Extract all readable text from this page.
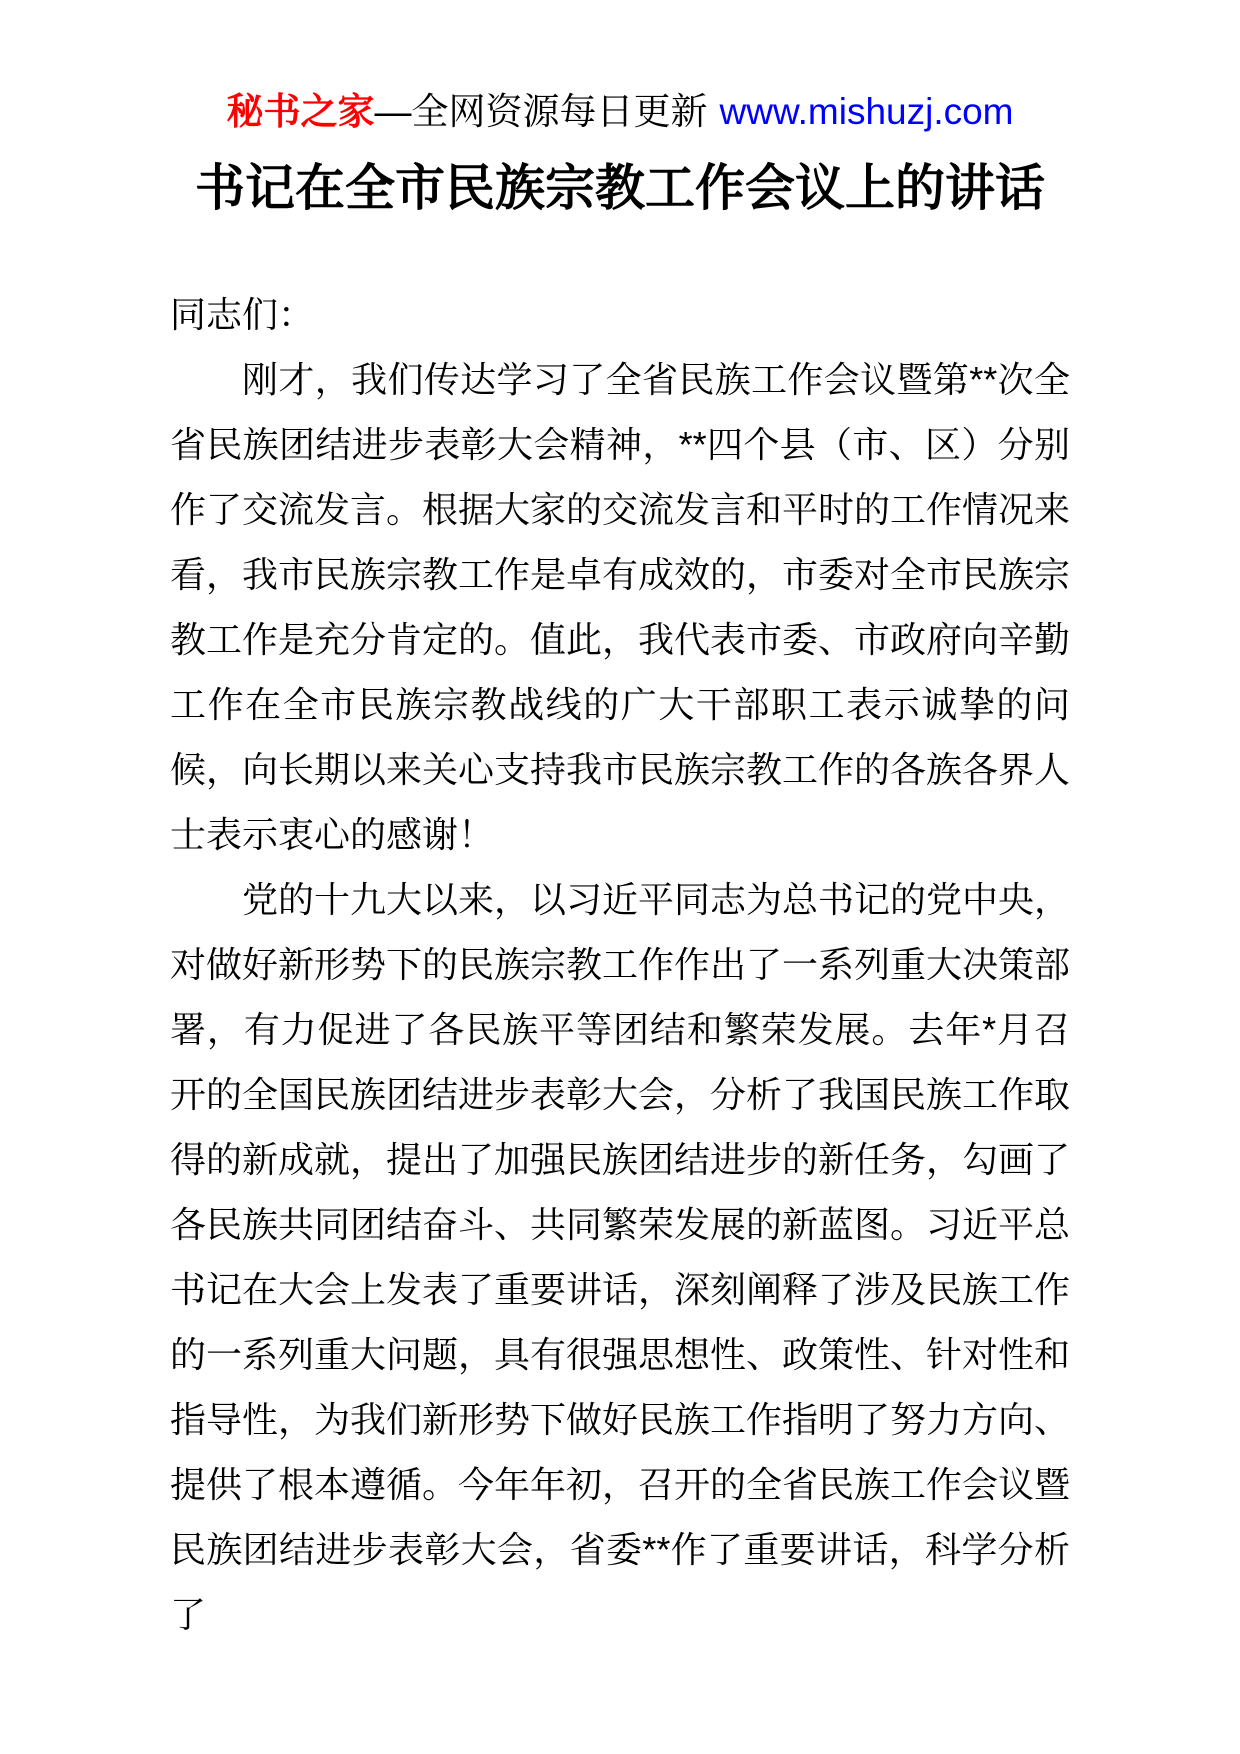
秘书之家—全网资源每日更新 www.mishuzj.com
书记在全市民族宗教工作会议上的讲话

同志们：

刚才，我们传达学习了全省民族工作会议暨第**次全省民族团结进步表彰大会精神，**四个县（市、区）分别作了交流发言。根据大家的交流发言和平时的工作情况来看，我市民族宗教工作是卓有成效的，市委对全市民族宗教工作是充分肯定的。值此，我代表市委、市政府向辛勤工作在全市民族宗教战线的广大干部职工表示诚挚的问候，向长期以来关心支持我市民族宗教工作的各族各界人士表示衷心的感谢！

党的十九大以来，以习近平同志为总书记的党中央，对做好新形势下的民族宗教工作作出了一系列重大决策部署，有力促进了各民族平等团结和繁荣发展。去年*月召开的全国民族团结进步表彰大会，分析了我国民族工作取得的新成就，提出了加强民族团结进步的新任务，勾画了各民族共同团结奋斗、共同繁荣发展的新蓝图。习近平总书记在大会上发表了重要讲话，深刻阐释了涉及民族工作的一系列重大问题，具有很强思想性、政策性、针对性和指导性，为我们新形势下做好民族工作指明了努力方向、提供了根本遵循。今年年初，召开的全省民族工作会议暨民族团结进步表彰大会，省委**作了重要讲话，科学分析了
